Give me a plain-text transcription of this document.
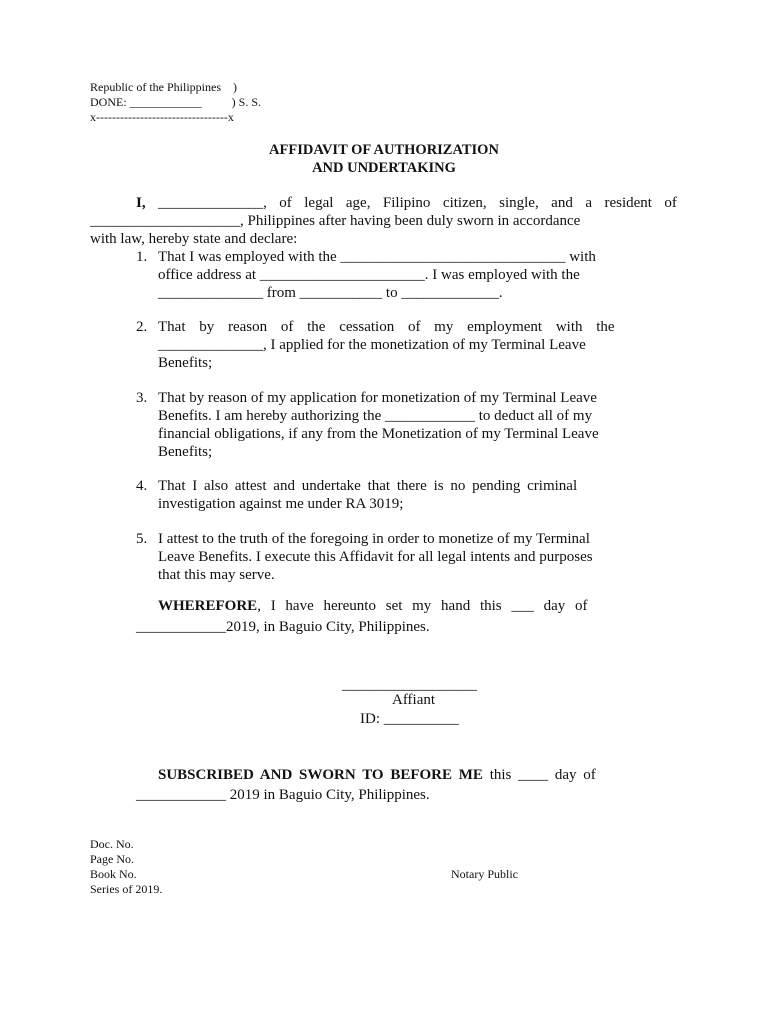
Republic of the Philippines    )
DONE: ____________          ) S. S.
x---------------------------------x
AFFIDAVIT OF AUTHORIZATION
AND UNDERTAKING
I, ______________, of legal age, Filipino citizen, single, and a resident of
____________________, Philippines after having been duly sworn in accordance
with law, hereby state and declare:
1. That I was employed with the ______________________________ with
office address at ______________________. I was employed with the
______________ from ___________ to _____________.
2. That by reason of the cessation of my employment with the
______________, I applied for the monetization of my Terminal Leave
Benefits;
3. That by reason of my application for monetization of my Terminal Leave
Benefits. I am hereby authorizing the ____________ to deduct all of my
financial obligations, if any from the Monetization of my Terminal Leave
Benefits;
4. That I also attest and undertake that there is no pending criminal
investigation against me under RA 3019;
5. I attest to the truth of the foregoing in order to monetize of my Terminal
Leave Benefits. I execute this Affidavit for all legal intents and purposes
that this may serve.
WHEREFORE, I have hereunto set my hand this ___ day of
____________2019, in Baguio City, Philippines.
__________________
Affiant
ID: __________
SUBSCRIBED AND SWORN TO BEFORE ME this ____ day of
____________ 2019 in Baguio City, Philippines.
Doc. No.
Page No.
Book No.
Series of 2019.
Notary Public
